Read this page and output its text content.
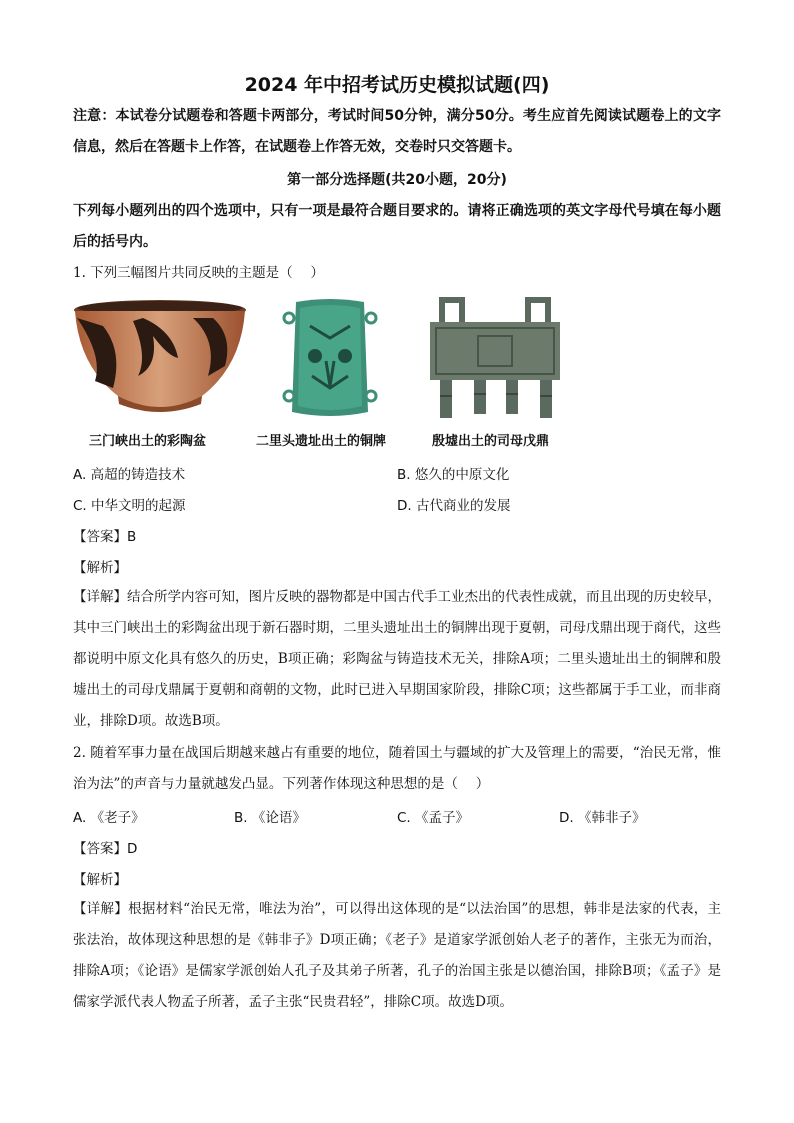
2024 年中招考试历史模拟试题(四)
注意：本试卷分试题卷和答题卡两部分，考试时间50分钟，满分50分。考生应首先阅读试题卷上的文字信息，然后在答题卡上作答，在试题卷上作答无效，交卷时只交答题卡。
第一部分选择题(共20小题，20分)
下列每小题列出的四个选项中，只有一项是最符合题目要求的。请将正确选项的英文字母代号填在每小题后的括号内。
1. 下列三幅图片共同反映的主题是（　 ）
三门峡出土的彩陶盆	二里头遗址出土的铜牌	殷墟出土的司母戊鼎
A. 高超的铸造技术	B. 悠久的中原文化
C. 中华文明的起源	D. 古代商业的发展
【答案】B
【解析】
【详解】结合所学内容可知，图片反映的器物都是中国古代手工业杰出的代表性成就，而且出现的历史较早，其中三门峡出土的彩陶盆出现于新石器时期，二里头遗址出土的铜牌出现于夏朝，司母戊鼎出现于商代，这些都说明中原文化具有悠久的历史，B项正确；彩陶盆与铸造技术无关，排除A项；二里头遗址出土的铜牌和殷墟出土的司母戊鼎属于夏朝和商朝的文物，此时已进入早期国家阶段，排除C项；这些都属于手工业，而非商业，排除D项。故选B项。
2. 随着军事力量在战国后期越来越占有重要的地位，随着国土与疆域的扩大及管理上的需要，“治民无常，惟治为法”的声音与力量就越发凸显。下列著作体现这种思想的是（　 ）
A. 《老子》	B. 《论语》	C. 《孟子》	D. 《韩非子》
【答案】D
【解析】
【详解】根据材料“治民无常，唯法为治”，可以得出这体现的是“以法治国”的思想，韩非是法家的代表，主张法治，故体现这种思想的是《韩非子》D项正确；《老子》是道家学派创始人老子的著作，主张无为而治，排除A项；《论语》是儒家学派创始人孔子及其弟子所著，孔子的治国主张是以德治国，排除B项；《孟子》是儒家学派代表人物孟子所著，孟子主张“民贵君轻”，排除C项。故选D项。
